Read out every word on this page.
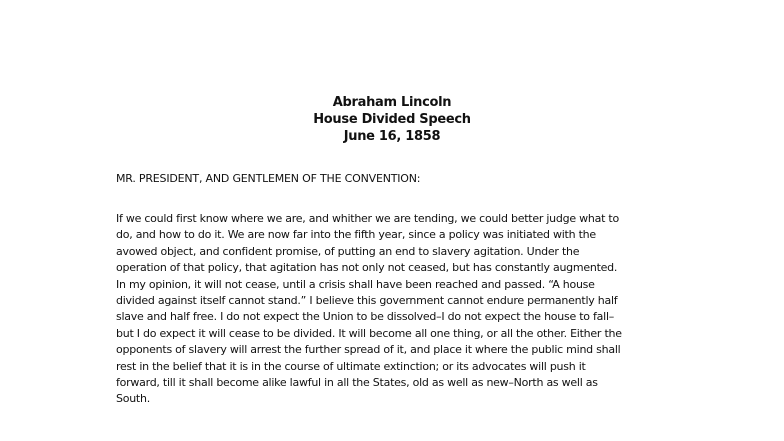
Abraham Lincoln
House Divided Speech
June 16, 1858
MR. PRESIDENT, AND GENTLEMEN OF THE CONVENTION:
If we could first know where we are, and whither we are tending, we could better judge what to
do, and how to do it. We are now far into the fifth year, since a policy was initiated with the
avowed object, and confident promise, of putting an end to slavery agitation. Under the
operation of that policy, that agitation has not only not ceased, but has constantly augmented.
In my opinion, it will not cease, until a crisis shall have been reached and passed. “A house
divided against itself cannot stand.” I believe this government cannot endure permanently half
slave and half free. I do not expect the Union to be dissolved–I do not expect the house to fall–
but I do expect it will cease to be divided. It will become all one thing, or all the other. Either the
opponents of slavery will arrest the further spread of it, and place it where the public mind shall
rest in the belief that it is in the course of ultimate extinction; or its advocates will push it
forward, till it shall become alike lawful in all the States, old as well as new–North as well as
South.
